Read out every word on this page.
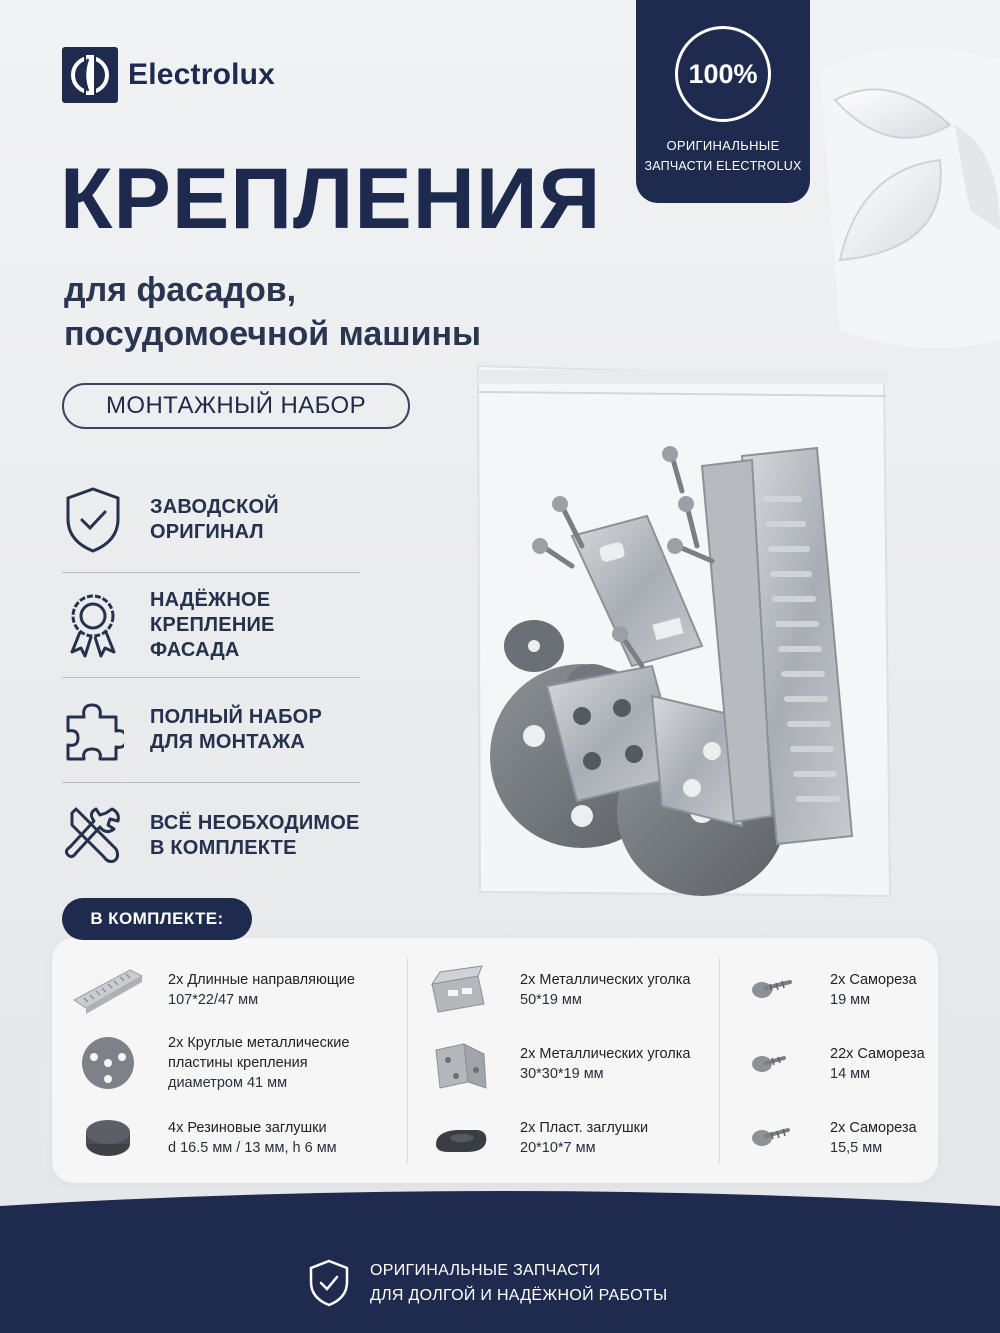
Electrolux	100%
ОРИГИНАЛЬНЫЕ
ЗАПЧАСТИ ELECTROLUX
КРЕПЛЕНИЯ
для фасадов,
посудомоечной машины
МОНТАЖНЫЙ НАБОР
ЗАВОДСКОЙ
ОРИГИНАЛ
НАДЁЖНОЕ
КРЕПЛЕНИЕ
ФАСАДА
ПОЛНЫЙ НАБОР
ДЛЯ МОНТАЖА
ВСЁ НЕОБХОДИМОЕ
В КОМПЛЕКТЕ
В КОМПЛЕКТЕ:
2x Длинные направляющие
107*22/47 мм
2x Круглые металлические
пластины крепления
диаметром 41 мм
4x Резиновые заглушки
d 16.5 мм / 13 мм, h 6 мм
2x Металлических уголка
50*19 мм
2x Металлических уголка
30*30*19 мм
2x Пласт. заглушки
20*10*7 мм
2x Самореза
19 мм
22x Самореза
14 мм
2x Самореза
15,5 мм
ОРИГИНАЛЬНЫЕ ЗАПЧАСТИ
ДЛЯ ДОЛГОЙ И НАДЁЖНОЙ РАБОТЫ
